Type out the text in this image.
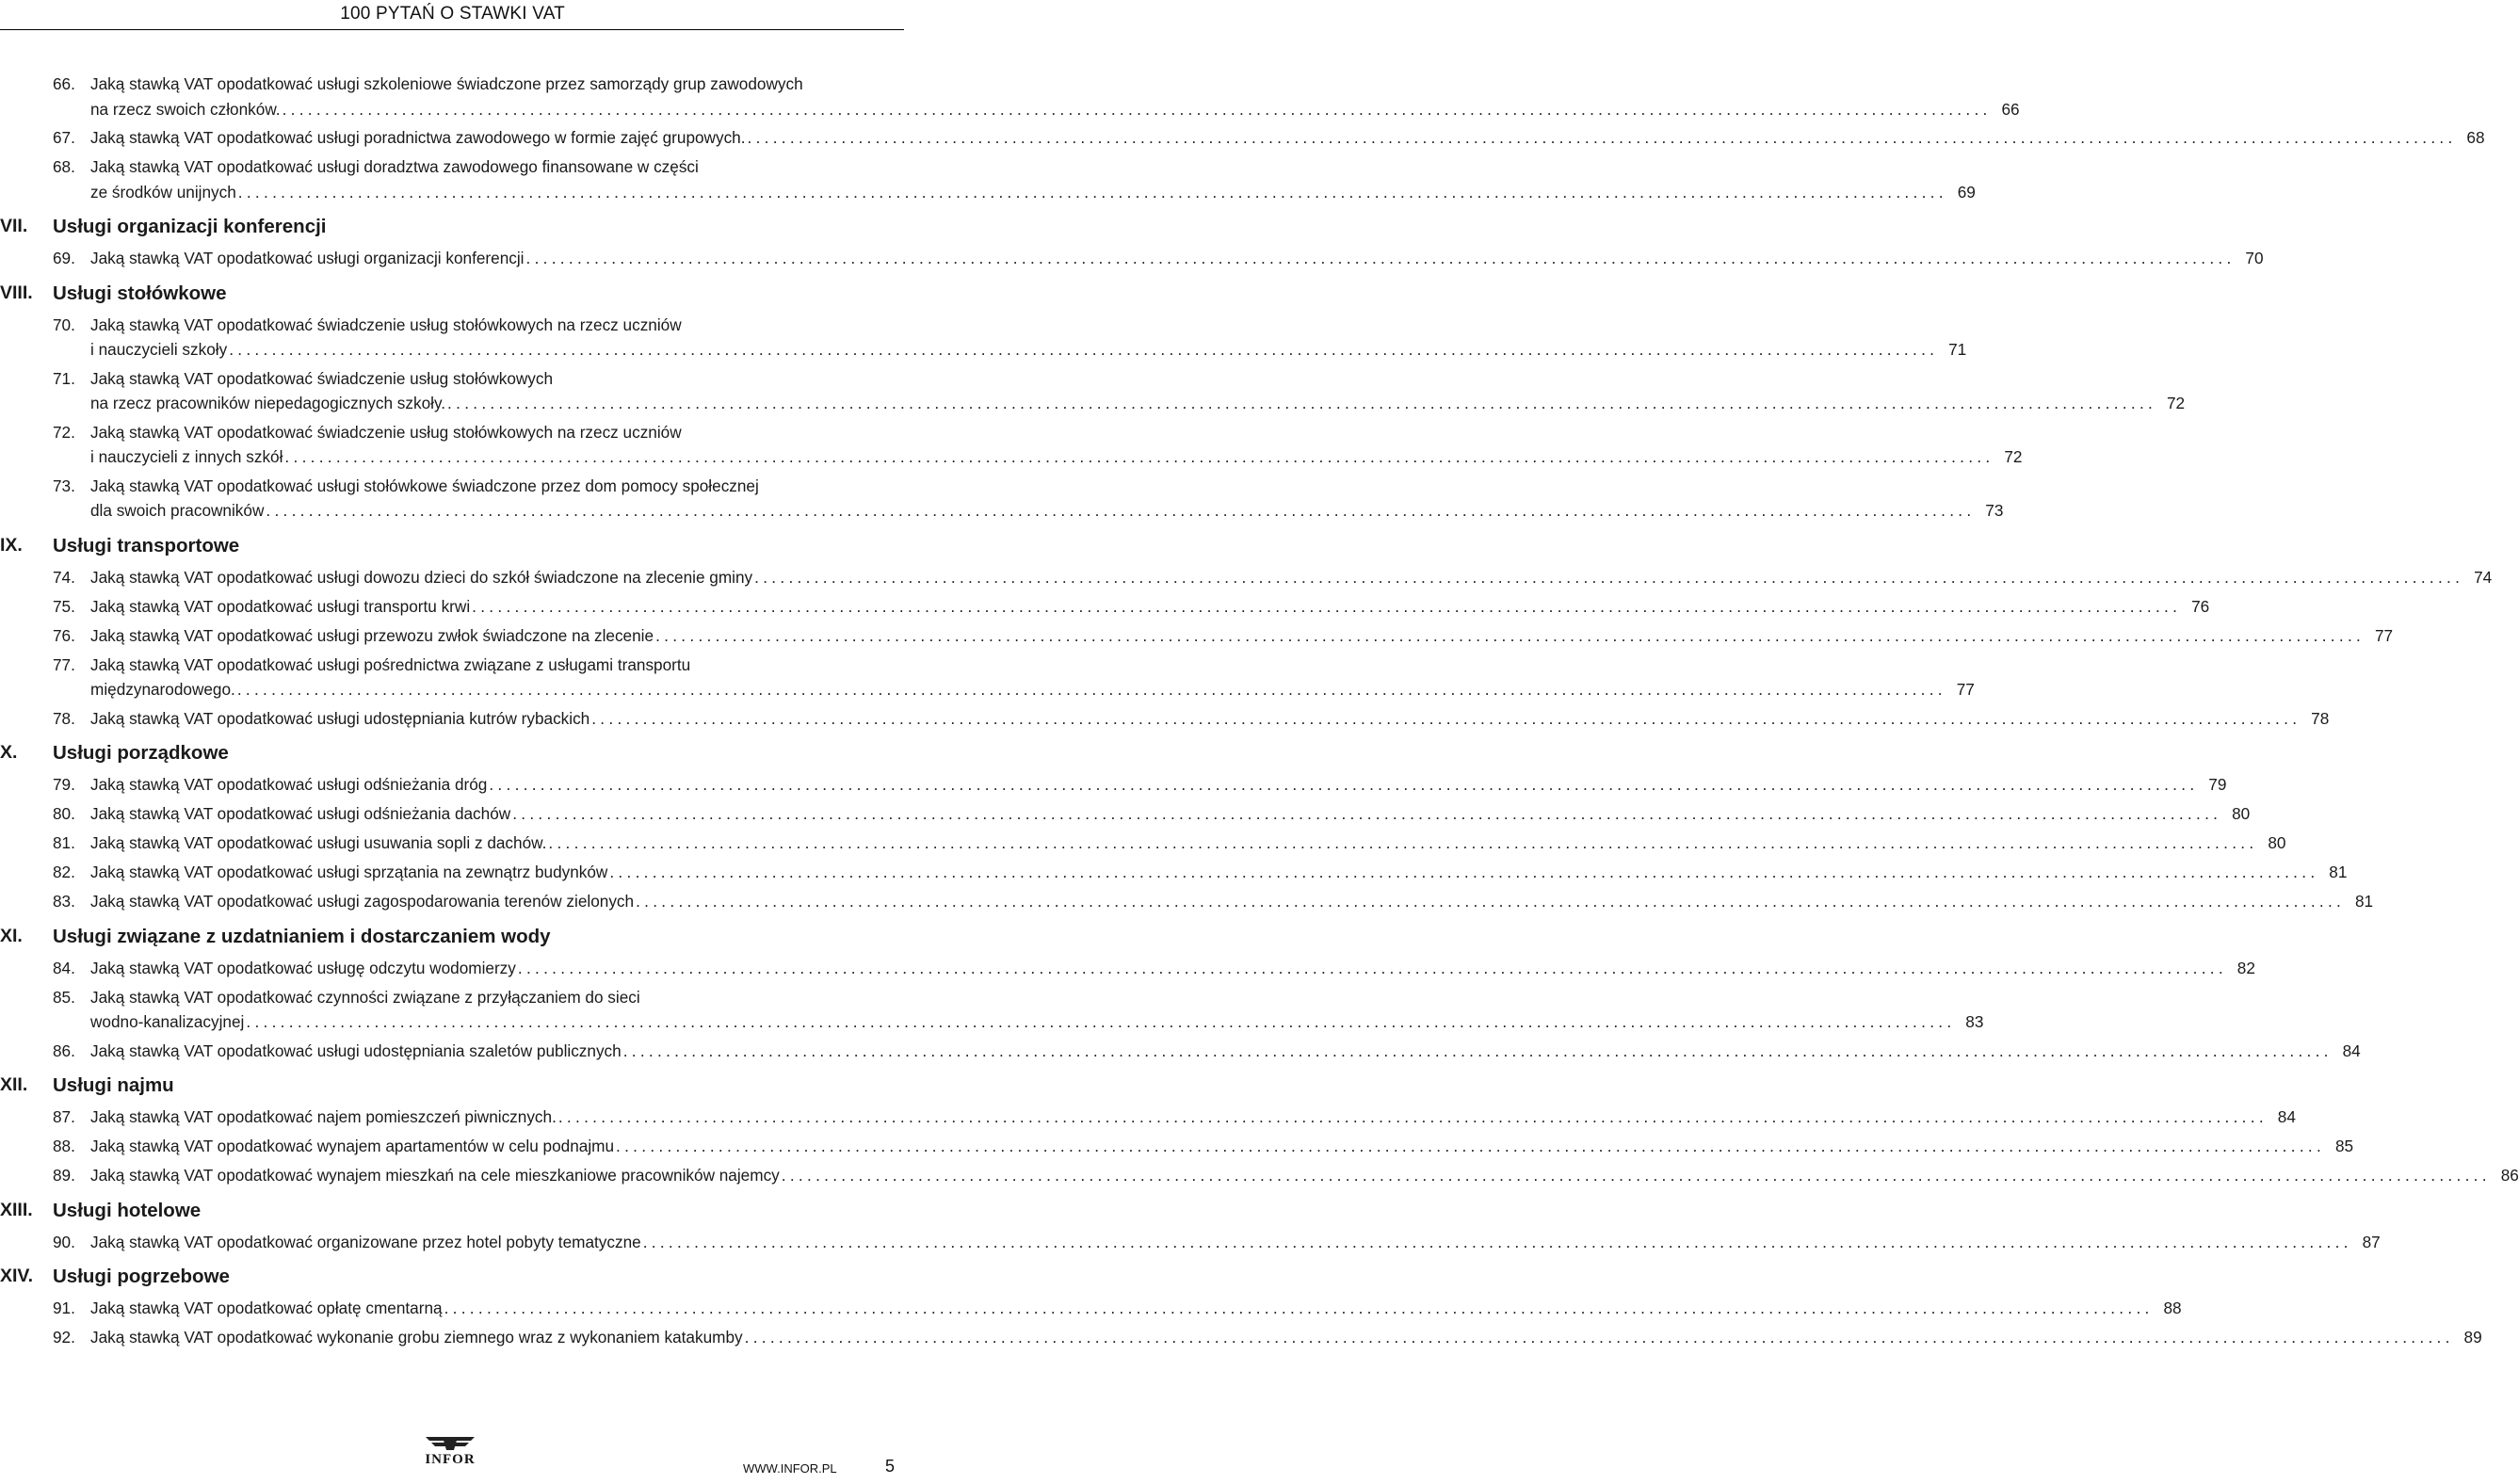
100 PYTAŃ O STAWKI VAT
66. Jaką stawką VAT opodatkować usługi szkoleniowe świadczone przez samorządy grup zawodowych
na rzecz swoich członków. ........................................................................................................................................................................................................ 66
67. Jaką stawką VAT opodatkować usługi poradnictwa zawodowego w formie zajęć grupowych. ........................................................................................................................................................................................................ 68
68. Jaką stawką VAT opodatkować usługi doradztwa zawodowego finansowane w części
ze środków unijnych ........................................................................................................................................................................................................ 69
VII. Usługi organizacji konferencji
69. Jaką stawką VAT opodatkować usługi organizacji konferencji ........................................................................................................................................................................................................ 70
VIII. Usługi stołówkowe
70. Jaką stawką VAT opodatkować świadczenie usług stołówkowych na rzecz uczniów
i nauczycieli szkoły ........................................................................................................................................................................................................ 71
71. Jaką stawką VAT opodatkować świadczenie usług stołówkowych
na rzecz pracowników niepedagogicznych szkoły. ........................................................................................................................................................................................................ 72
72. Jaką stawką VAT opodatkować świadczenie usług stołówkowych na rzecz uczniów
i nauczycieli z innych szkół ........................................................................................................................................................................................................ 72
73. Jaką stawką VAT opodatkować usługi stołówkowe świadczone przez dom pomocy społecznej
dla swoich pracowników ........................................................................................................................................................................................................ 73
IX. Usługi transportowe
74. Jaką stawką VAT opodatkować usługi dowozu dzieci do szkół świadczone na zlecenie gminy ........................................................................................................................................................................................................ 74
75. Jaką stawką VAT opodatkować usługi transportu krwi ........................................................................................................................................................................................................ 76
76. Jaką stawką VAT opodatkować usługi przewozu zwłok świadczone na zlecenie ........................................................................................................................................................................................................ 77
77. Jaką stawką VAT opodatkować usługi pośrednictwa związane z usługami transportu
międzynarodowego. ........................................................................................................................................................................................................ 77
78. Jaką stawką VAT opodatkować usługi udostępniania kutrów rybackich ........................................................................................................................................................................................................ 78
X. Usługi porządkowe
79. Jaką stawką VAT opodatkować usługi odśnieżania dróg ........................................................................................................................................................................................................ 79
80. Jaką stawką VAT opodatkować usługi odśnieżania dachów ........................................................................................................................................................................................................ 80
81. Jaką stawką VAT opodatkować usługi usuwania sopli z dachów. ........................................................................................................................................................................................................ 80
82. Jaką stawką VAT opodatkować usługi sprzątania na zewnątrz budynków ........................................................................................................................................................................................................ 81
83. Jaką stawką VAT opodatkować usługi zagospodarowania terenów zielonych ........................................................................................................................................................................................................ 81
XI. Usługi związane z uzdatnianiem i dostarczaniem wody
84. Jaką stawką VAT opodatkować usługę odczytu wodomierzy ........................................................................................................................................................................................................ 82
85. Jaką stawką VAT opodatkować czynności związane z przyłączaniem do sieci
wodno-kanalizacyjnej ........................................................................................................................................................................................................ 83
86. Jaką stawką VAT opodatkować usługi udostępniania szaletów publicznych ........................................................................................................................................................................................................ 84
XII. Usługi najmu
87. Jaką stawką VAT opodatkować najem pomieszczeń piwnicznych. ........................................................................................................................................................................................................ 84
88. Jaką stawką VAT opodatkować wynajem apartamentów w celu podnajmu ........................................................................................................................................................................................................ 85
89. Jaką stawką VAT opodatkować wynajem mieszkań na cele mieszkaniowe pracowników najemcy ........................................................................................................................................................................................................ 86
XIII. Usługi hotelowe
90. Jaką stawką VAT opodatkować organizowane przez hotel pobyty tematyczne ........................................................................................................................................................................................................ 87
XIV. Usługi pogrzebowe
91. Jaką stawką VAT opodatkować opłatę cmentarną ........................................................................................................................................................................................................ 88
92. Jaką stawką VAT opodatkować wykonanie grobu ziemnego wraz z wykonaniem katakumby ........................................................................................................................................................................................................ 89
INFOR
WWW.INFOR.PL	5
